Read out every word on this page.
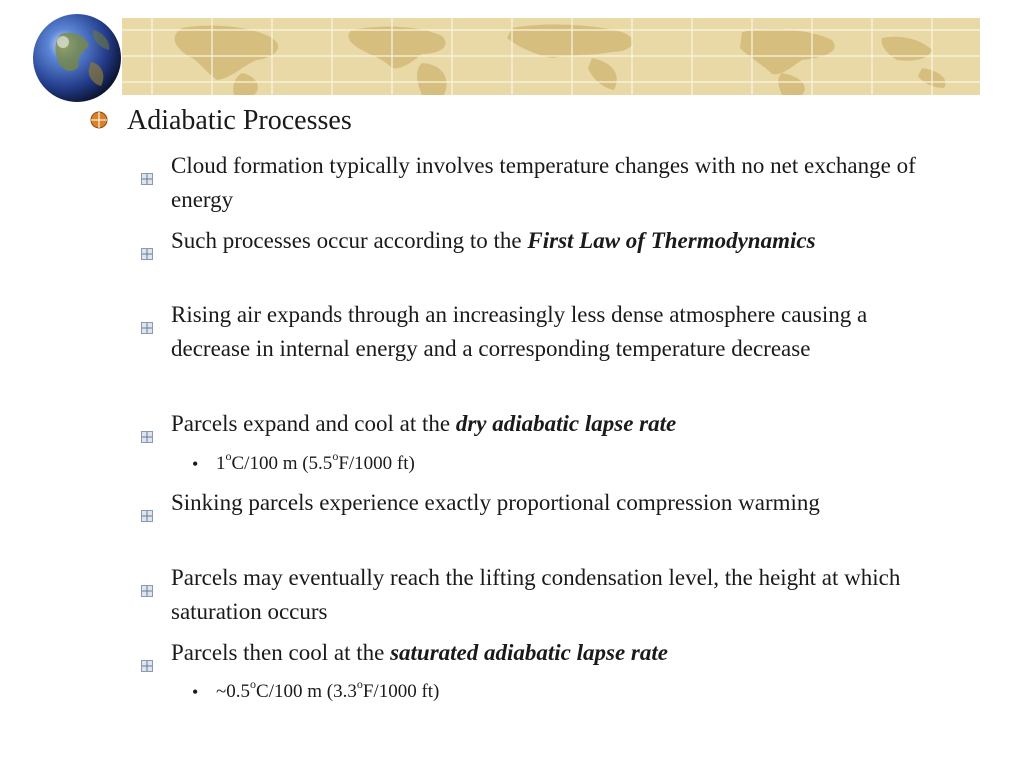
Adiabatic Processes
Cloud formation typically involves temperature changes with no net exchange of energy
Such processes occur according to the First Law of Thermodynamics
Rising air expands through an increasingly less dense atmosphere causing a decrease in internal energy and a corresponding temperature decrease
Parcels expand and cool at the dry adiabatic lapse rate
• 1$^o$C/100 m (5.5$^o$F/1000 ft)
Sinking parcels experience exactly proportional compression warming
Parcels may eventually reach the lifting condensation level, the height at which saturation occurs
Parcels then cool at the saturated adiabatic lapse rate
• ~0.5$^o$C/100 m (3.3$^o$F/1000 ft)
